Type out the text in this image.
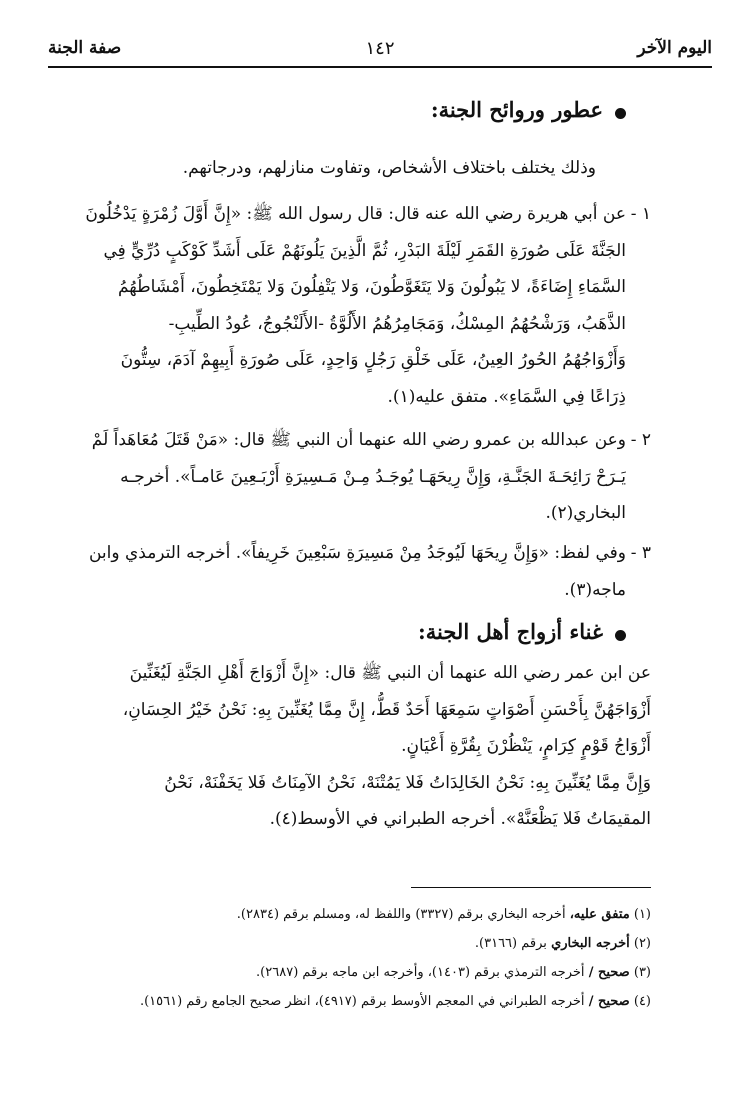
اليوم الآخر
١٤٢
صفة الجنة
عطور وروائح الجنة:
وذلك يختلف باختلاف الأشخاص، وتفاوت منازلهم، ودرجاتهم.
١ -
عن أبي هريرة رضي الله عنه قال: قال رسول الله ﷺ: «إِنَّ أَوَّلَ زُمْرَةٍ يَدْخُلُونَ
الجَنَّةَ عَلَى صُورَةِ القَمَرِ لَيْلَةَ البَدْرِ، ثُمَّ الَّذِينَ يَلُونَهُمْ عَلَى أَشَدِّ كَوْكَبٍ دُرِّيٍّ فِي
السَّمَاءِ إِضَاءَةً، لا يَبُولُونَ وَلا يَتَغَوَّطُونَ، وَلا يَتْفِلُونَ وَلا يَمْتَخِطُونَ، أَمْشَاطُهُمُ
الذَّهَبُ، وَرَشْحُهُمُ المِسْكُ، وَمَجَامِرُهُمُ الأَلُوَّةُ -الأَلَنْجُوجُ، عُودُ الطِّيبِ-
وَأَزْوَاجُهُمُ الحُورُ العِينُ، عَلَى خَلْقِ رَجُلٍ وَاحِدٍ، عَلَى صُورَةِ أَبِيهِمْ آدَمَ، سِتُّونَ
ذِرَاعًا فِي السَّمَاءِ». متفق عليه(١).
٢ -
وعن عبدالله بن عمرو رضي الله عنهما أن النبي ﷺ قال: «مَنْ قَتَلَ مُعَاهَداً لَمْ
يَـرَحْ رَائِحَـةَ الجَنَّـةِ، وَإِنَّ رِيحَهَـا يُوجَـدُ مِـنْ مَـسِيرَةِ أَرْبَـعِينَ عَامـاً». أخرجـه
البخاري(٢).
٣ -
وفي لفظ: «وَإِنَّ رِيحَهَا لَيُوجَدُ مِنْ مَسِيرَةِ سَبْعِينَ خَرِيفاً». أخرجه الترمذي وابن
ماجه(٣).
غناء أزواج أهل الجنة:
عن ابن عمر رضي الله عنهما أن النبي ﷺ قال: «إِنَّ أَزْوَاجَ أَهْلِ الجَنَّةِ لَيُغَنِّينَ
أَزْوَاجَهُنَّ بِأَحْسَنِ أَصْوَاتٍ سَمِعَهَا أَحَدٌ قَطُّ، إِنَّ مِمَّا يُغَنِّينَ بِهِ: نَحْنُ خَيْرُ الحِسَانِ،
أَزْوَاجُ قَوْمٍ كِرَامٍ، يَنْظُرْنَ بِقُرَّةِ أَعْيَانٍ.
وَإِنَّ مِمَّا يُغَنِّينَ بِهِ: نَحْنُ الخَالِدَاتُ فَلا يَمُتْنَهْ، نَحْنُ الآمِنَاتُ فَلا يَخَفْنَهْ، نَحْنُ
المقيمَاتُ فَلا يَظْعَنَّهْ». أخرجه الطبراني في الأوسط(٤).
(١) متفق عليه، أخرجه البخاري برقم (٣٣٢٧) واللفظ له، ومسلم برقم (٢٨٣٤).
(٢) أخرجه البخاري برقم (٣١٦٦).
(٣) صحيح / أخرجه الترمذي برقم (١٤٠٣)، وأخرجه ابن ماجه برقم (٢٦٨٧).
(٤) صحيح / أخرجه الطبراني في المعجم الأوسط برقم (٤٩١٧)، انظر صحيح الجامع رقم (١٥٦١).
